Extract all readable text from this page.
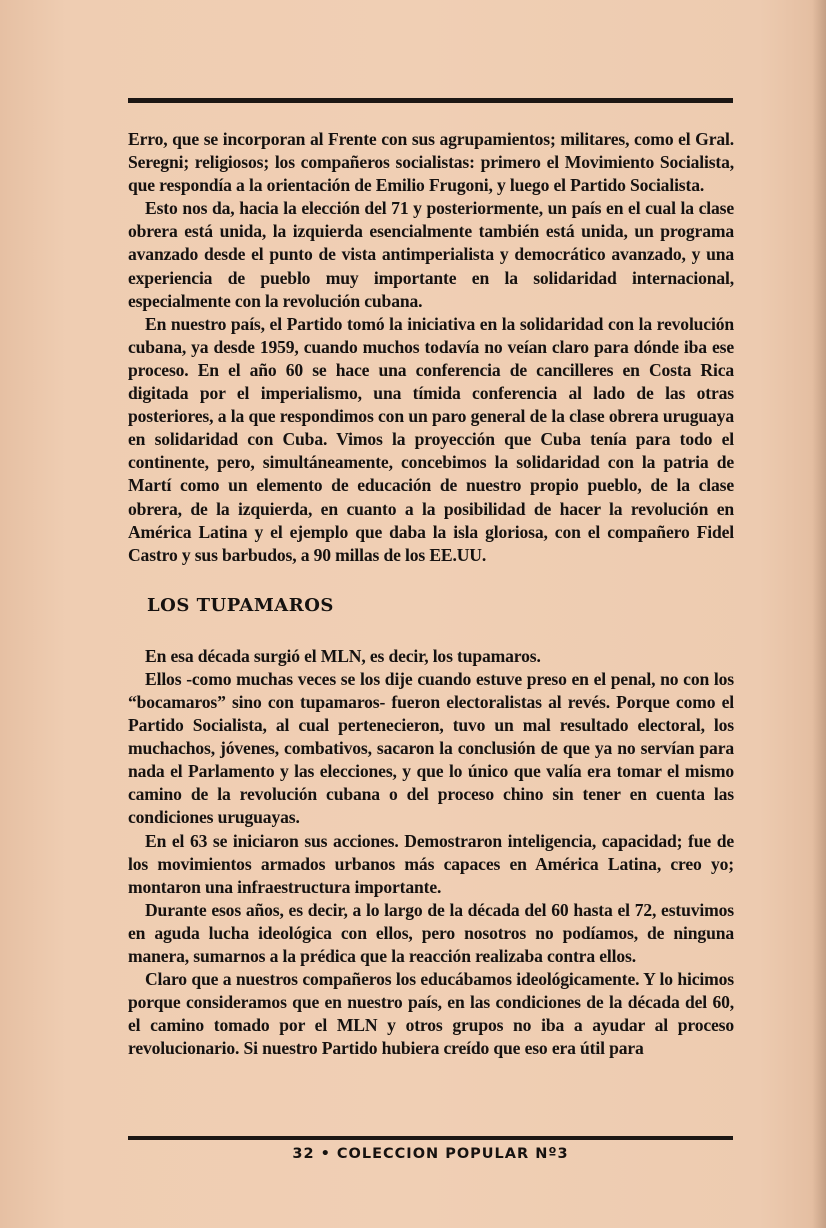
Erro, que se incorporan al Frente con sus agrupamientos; militares, como el Gral. Seregni; religiosos; los compañeros socialistas: primero el Movimiento Socialista, que respondía a la orientación de Emilio Frugoni, y luego el Partido Socialista.

Esto nos da, hacia la elección del 71 y posteriormente, un país en el cual la clase obrera está unida, la izquierda esencialmente también está unida, un programa avanzado desde el punto de vista antimperialista y democrático avanzado, y una experiencia de pueblo muy importante en la solidaridad internacional, especialmente con la revolución cubana.

En nuestro país, el Partido tomó la iniciativa en la solidaridad con la revolución cubana, ya desde 1959, cuando muchos todavía no veían claro para dónde iba ese proceso. En el año 60 se hace una conferencia de cancilleres en Costa Rica digitada por el imperialismo, una tímida conferencia al lado de las otras posteriores, a la que respondimos con un paro general de la clase obrera uruguaya en solidaridad con Cuba. Vimos la proyección que Cuba tenía para todo el continente, pero, simultáneamente, concebimos la solidaridad con la patria de Martí como un elemento de educación de nuestro propio pueblo, de la clase obrera, de la izquierda, en cuanto a la posibilidad de hacer la revolución en América Latina y el ejemplo que daba la isla gloriosa, con el compañero Fidel Castro y sus barbudos, a 90 millas de los EE.UU.

LOS TUPAMAROS

En esa década surgió el MLN, es decir, los tupamaros.

Ellos -como muchas veces se los dije cuando estuve preso en el penal, no con los “bocamaros” sino con tupamaros- fueron electoralistas al revés. Porque como el Partido Socialista, al cual pertenecieron, tuvo un mal resultado electoral, los muchachos, jóvenes, combativos, sacaron la conclusión de que ya no servían para nada el Parlamento y las elecciones, y que lo único que valía era tomar el mismo camino de la revolución cubana o del proceso chino sin tener en cuenta las condiciones uruguayas.

En el 63 se iniciaron sus acciones. Demostraron inteligencia, capacidad; fue de los movimientos armados urbanos más capaces en América Latina, creo yo; montaron una infraestructura importante.

Durante esos años, es decir, a lo largo de la década del 60 hasta el 72, estuvimos en aguda lucha ideológica con ellos, pero nosotros no podíamos, de ninguna manera, sumarnos a la prédica que la reacción realizaba contra ellos.

Claro que a nuestros compañeros los educábamos ideológicamente. Y lo hicimos porque consideramos que en nuestro país, en las condiciones de la década del 60, el camino tomado por el MLN y otros grupos no iba a ayudar al proceso revolucionario. Si nuestro Partido hubiera creído que eso era útil para

32 • COLECCION POPULAR Nº3
